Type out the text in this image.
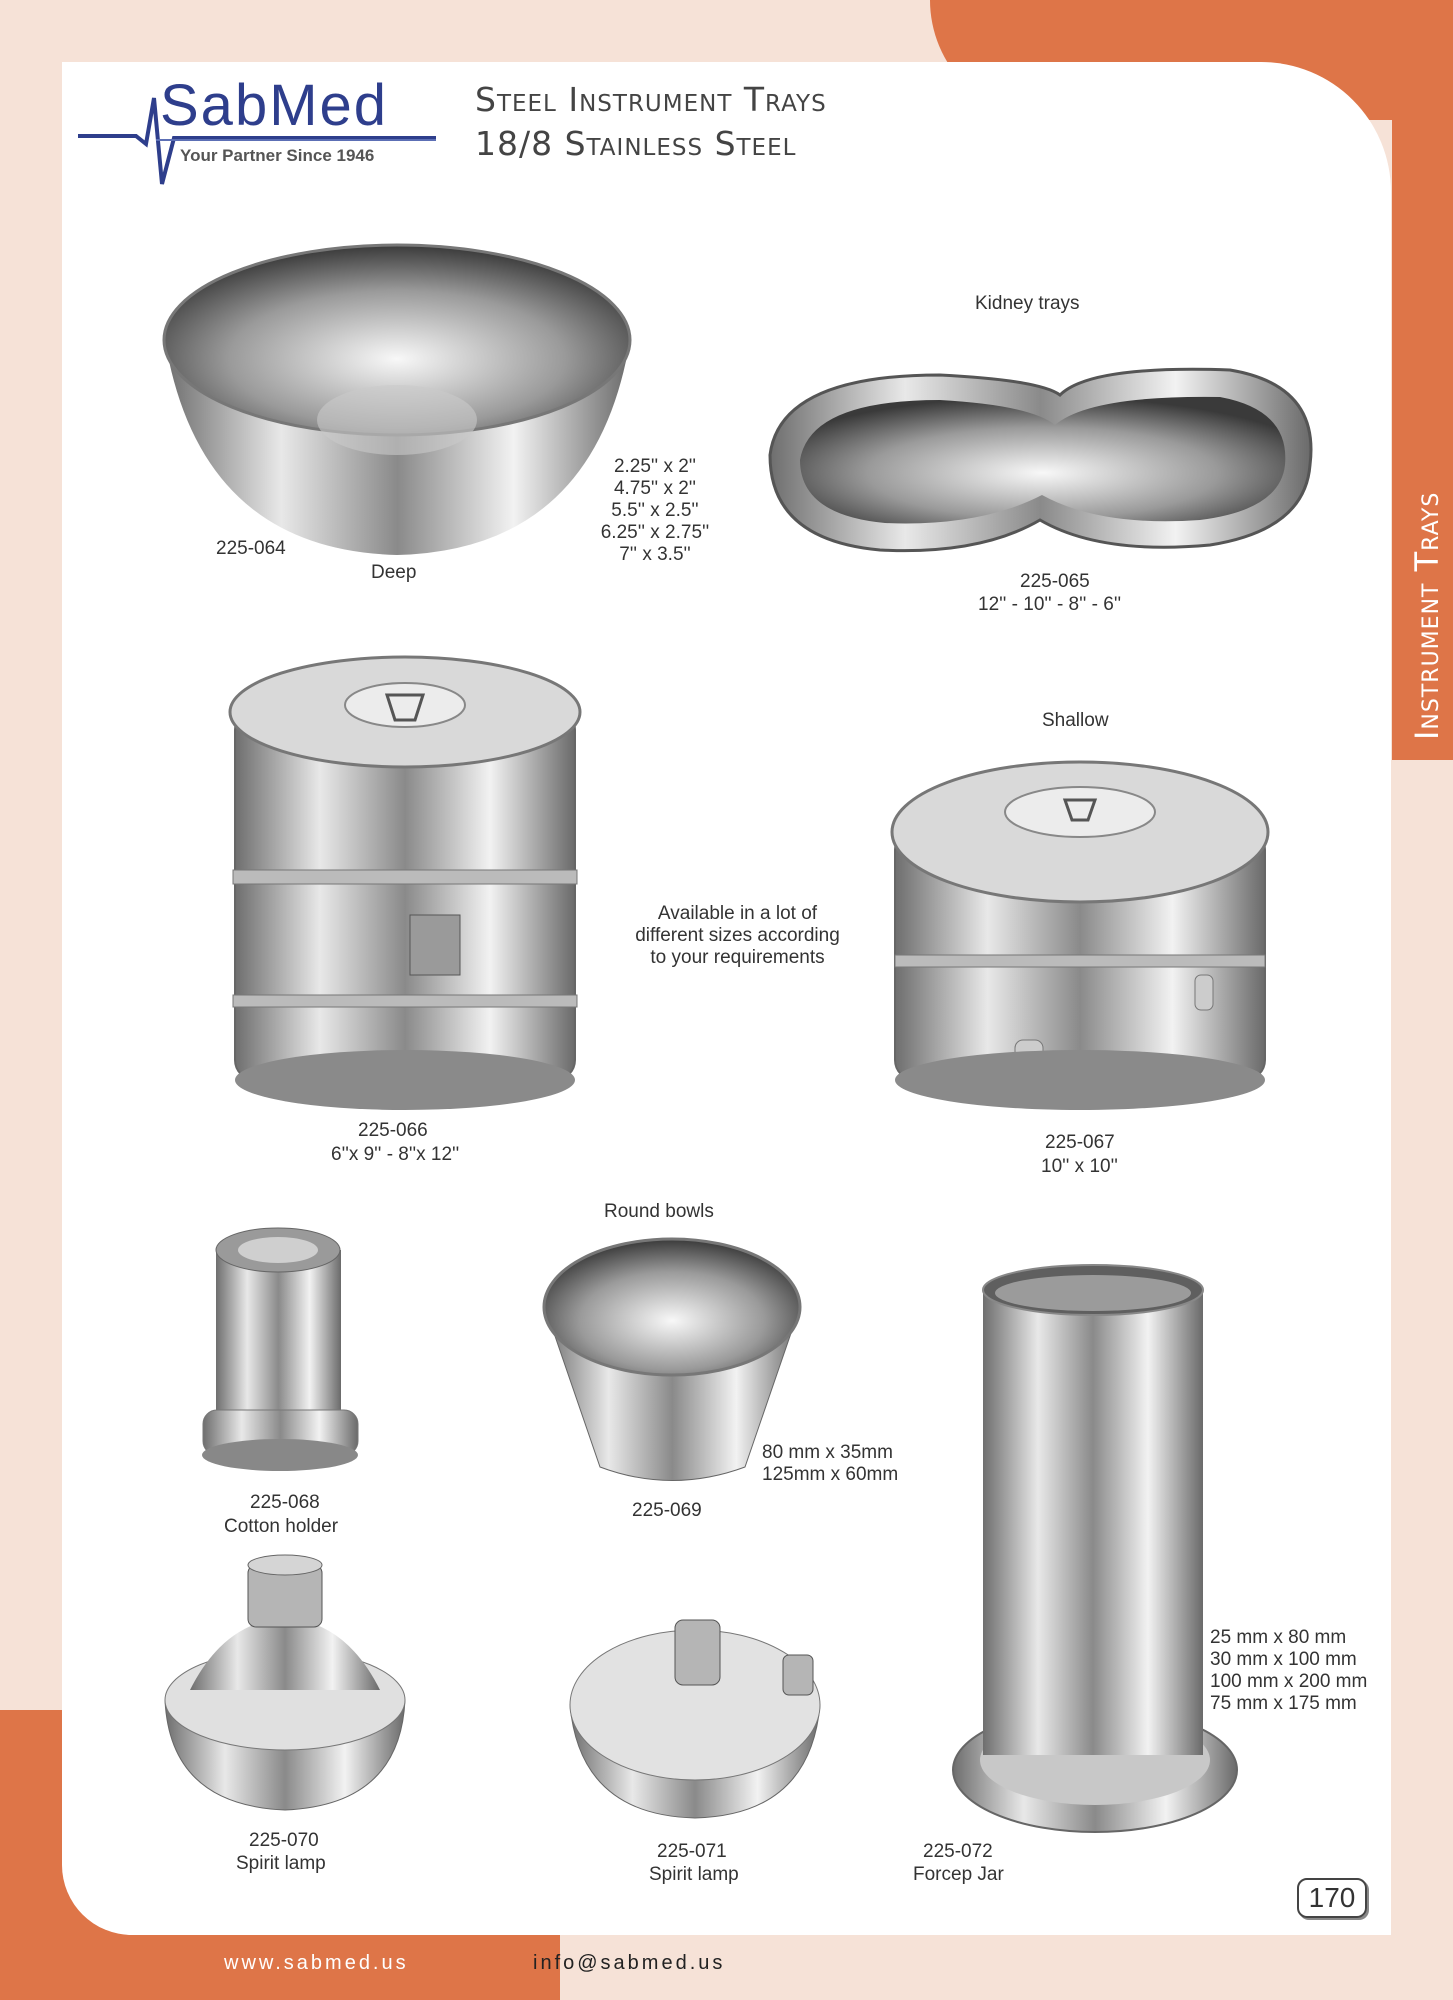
SabMed
Your Partner Since 1946
Steel Instrument Trays
18/8 Stainless Steel
Instrument Trays
2.25'' x 2''
4.75'' x 2''
5.5'' x 2.5''
6.25'' x 2.75''
7'' x 3.5''
225-064
Deep
Kidney trays
225-065
12'' - 10'' - 8'' - 6''
225-066
6''x 9'' - 8''x 12''
Available in a lot of
different sizes according
to your requirements
Shallow
225-067
10'' x 10''
Round bowls
225-068
Cotton holder
80 mm x 35mm
125mm x 60mm
225-069
225-070
Spirit lamp
225-071
Spirit lamp
25 mm x 80 mm
30 mm x 100 mm
100 mm x 200 mm
75 mm x 175 mm
225-072
Forcep Jar
170
www.sabmed.us	info@sabmed.us
